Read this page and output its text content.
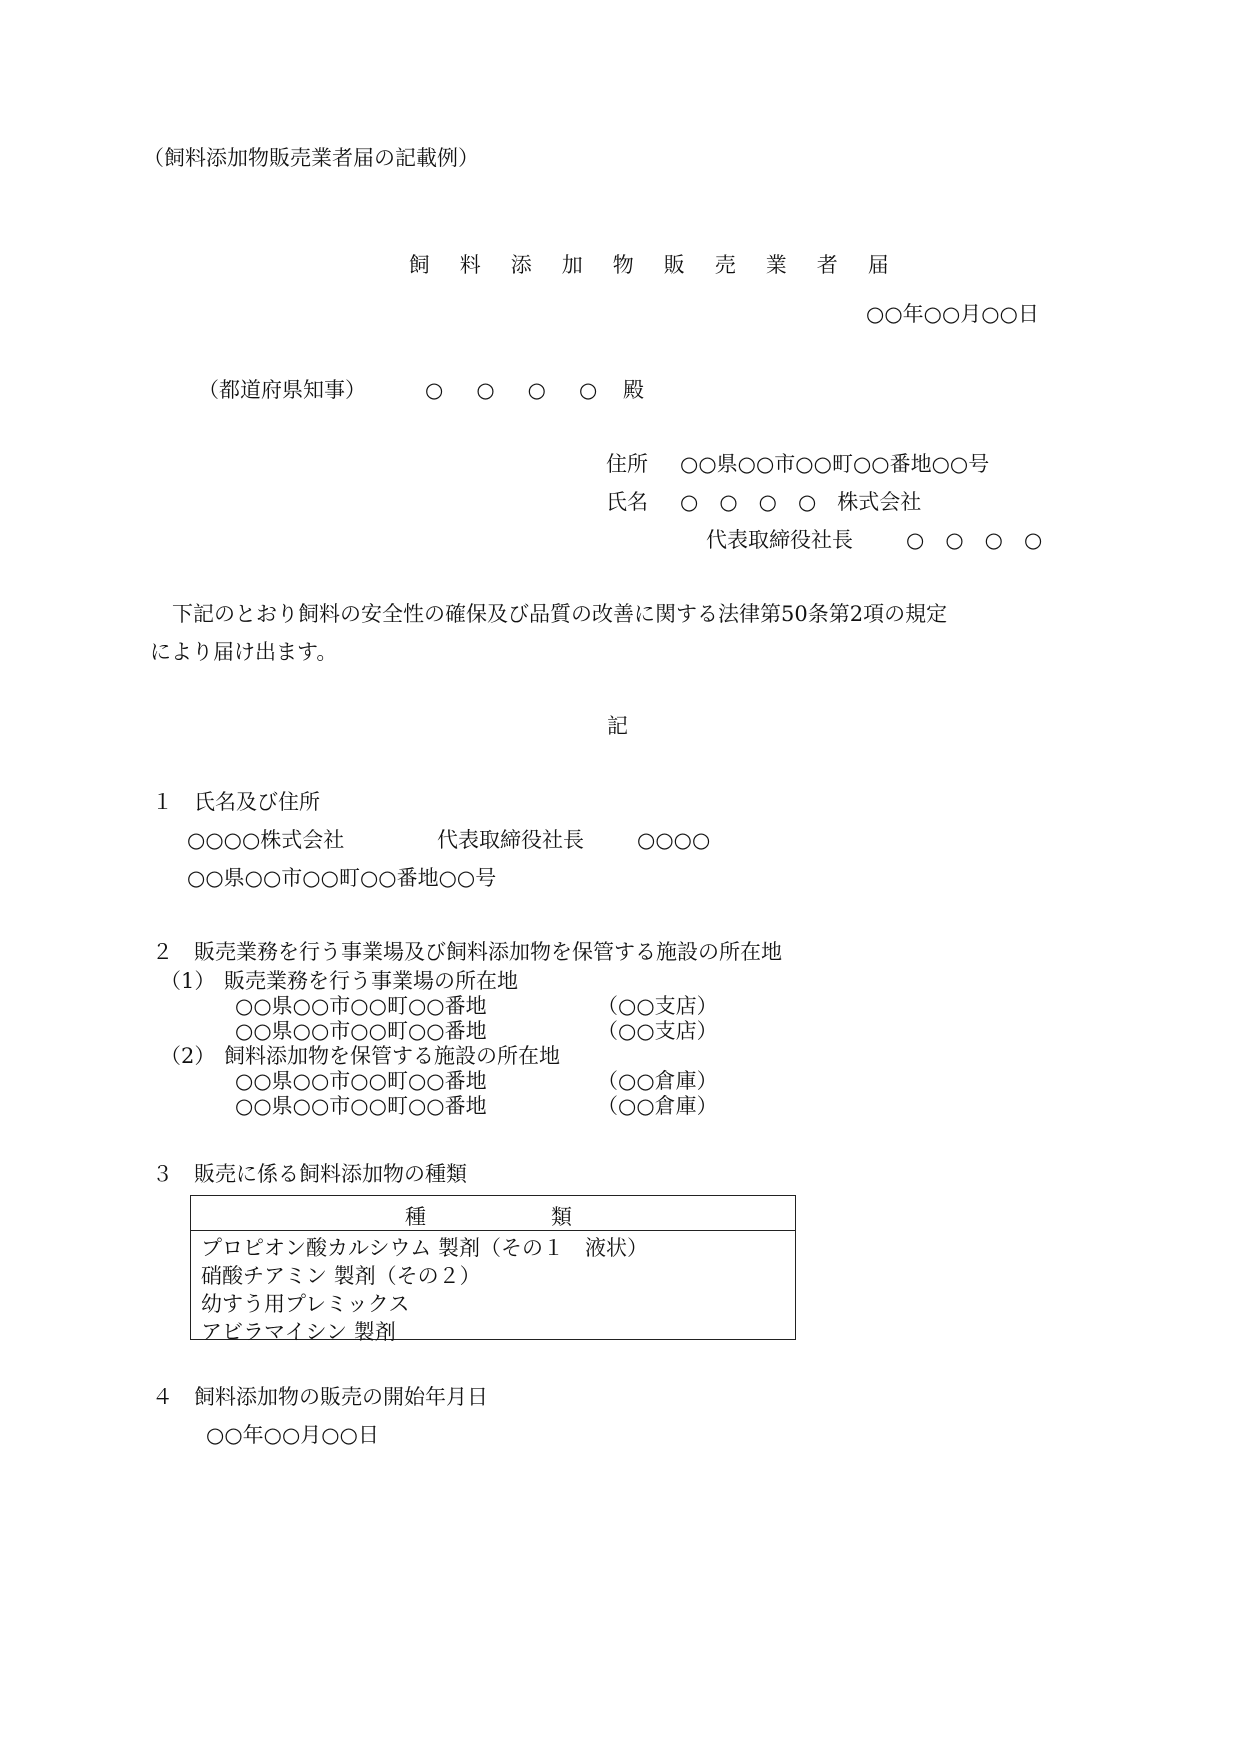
（飼料添加物販売業者届の記載例）

飼 料 添 加 物 販 売 業 者 届

○○年○○月○○日
（都道府県知事）	○　○　○　○ 殿
住所 ○○県○○市○○町○○番地○○号
氏名 ○　○　○　○　株式会社
代表取締役社長	○　○　○　○
下記のとおり飼料の安全性の確保及び品質の改善に関する法律第50条第2項の規定
により届け出ます。
記
１　氏名及び住所
○○○○株式会社	代表取締役社長	○○○○
○○県○○市○○町○○番地○○号
２　販売業務を行う事業場及び飼料添加物を保管する施設の所在地
（1） 販売業務を行う事業場の所在地
○○県○○市○○町○○番地	（○○支店）
○○県○○市○○町○○番地	（○○支店）
（2） 飼料添加物を保管する施設の所在地
○○県○○市○○町○○番地	（○○倉庫）
○○県○○市○○町○○番地	（○○倉庫）
３　販売に係る飼料添加物の種類
種	類
プロピオン酸カルシウム 製剤（その１　液状）
硝酸チアミン 製剤（その２）
幼すう用プレミックス
アビラマイシン 製剤
４　飼料添加物の販売の開始年月日
○○年○○月○○日
